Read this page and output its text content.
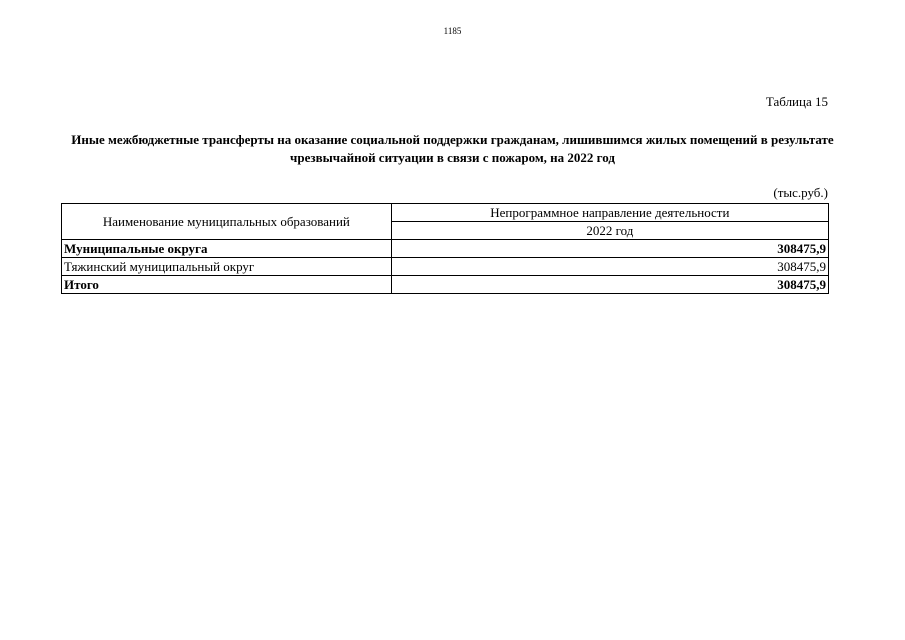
1185
Таблица 15
Иные межбюджетные трансферты на оказание социальной поддержки гражданам, лишившимся жилых помещений в результате чрезвычайной ситуации в связи с пожаром, на 2022 год
(тыс.руб.)
Наименование муниципальных образований	Непрограммное направление деятельности
	2022 год
Муниципальные округа	308475,9
Тяжинский муниципальный округ	308475,9
Итого	308475,9
